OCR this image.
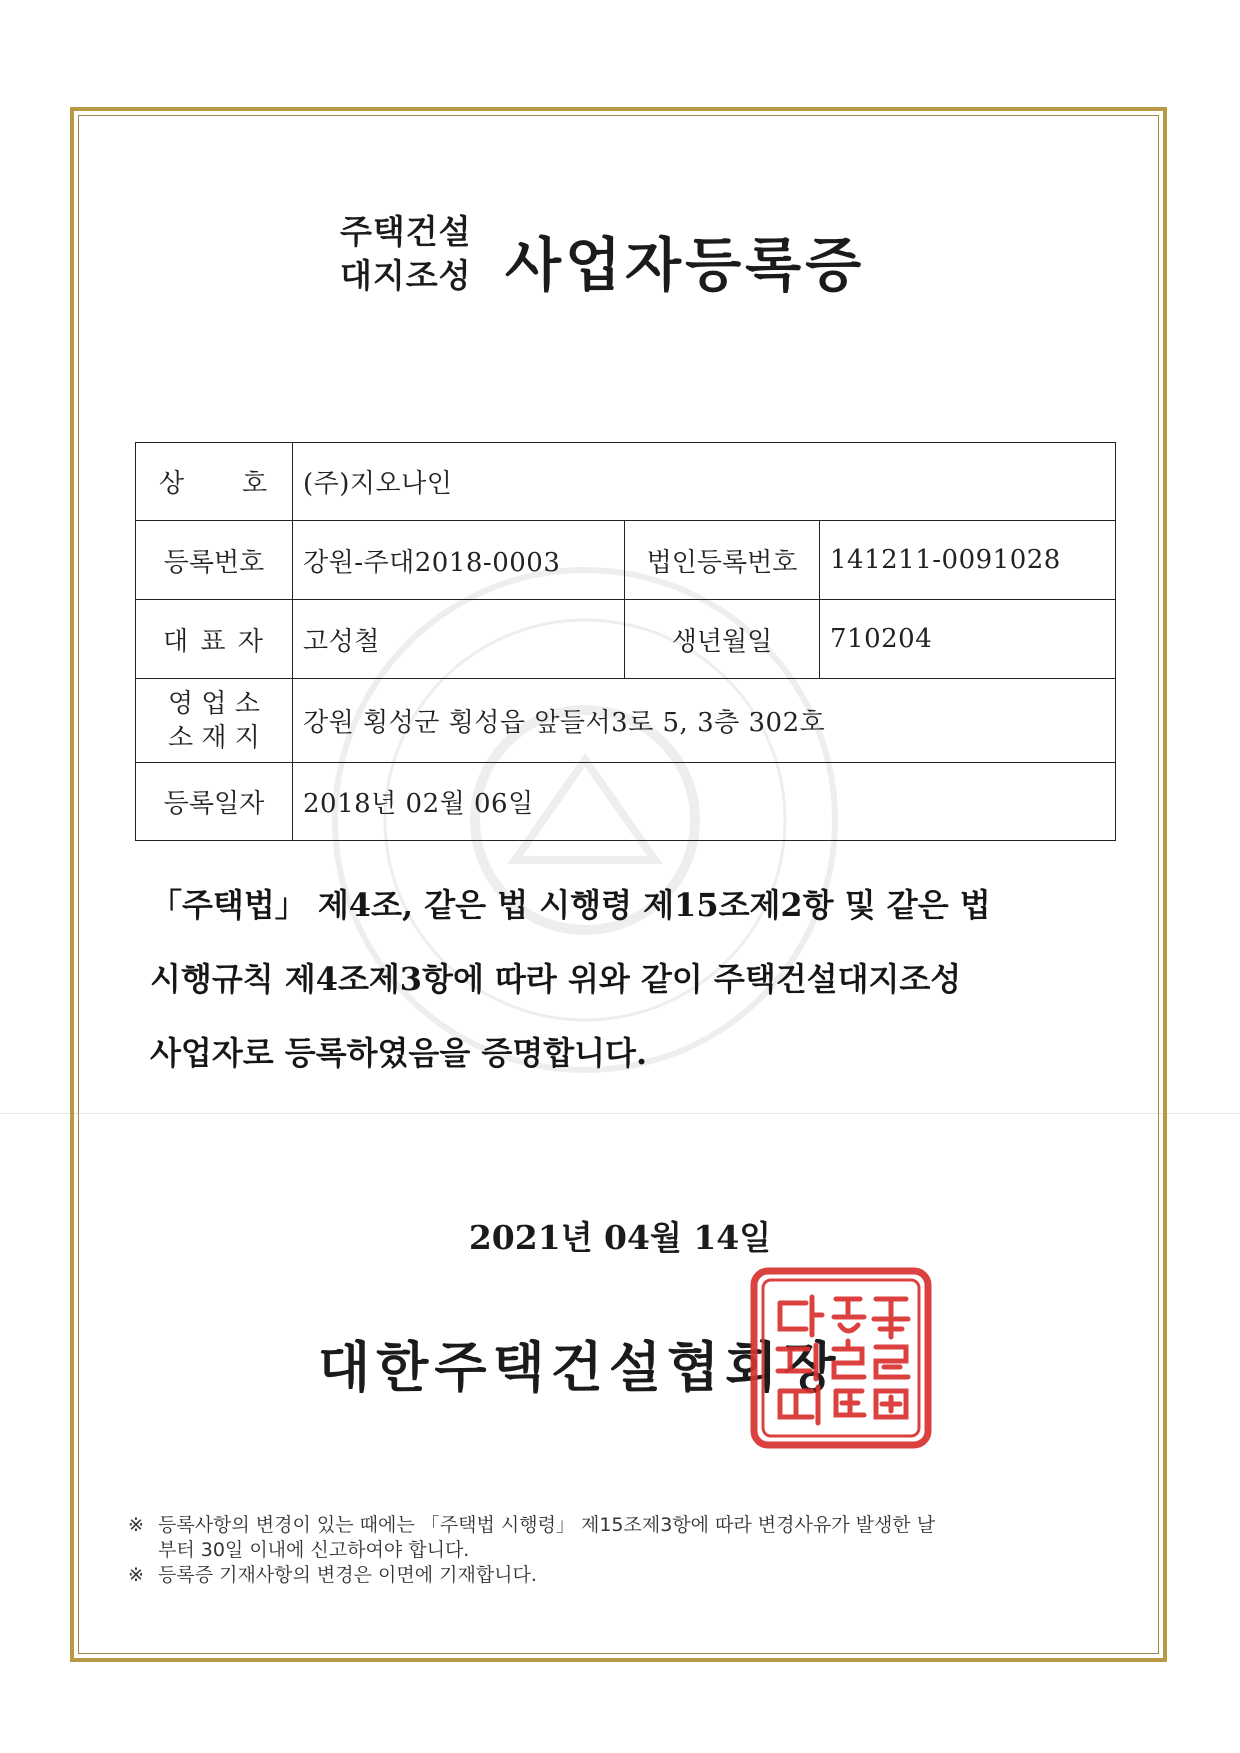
주택건설
대지조성 사업자등록증
상　　호	(주)지오나인		
등록번호	강원-주대2018-0003	법인등록번호	141211-0091028
대 표 자	고성철	생년월일	710204

영 업 소
소 재 지	강원 횡성군 횡성읍 앞들서3로 5, 3층 302호		
등록일자	2018년 02월 06일		
「주택법」 제4조, 같은 법 시행령 제15조제2항 및 같은 법
시행규칙 제4조제3항에 따라 위와 같이 주택건설대지조성
사업자로 등록하였음을 증명합니다.
2021년 04월 14일
대한주택건설협회장
※ 등록사항의 변경이 있는 때에는 「주택법 시행령」 제15조제3항에 따라 변경사유가 발생한 날
부터 30일 이내에 신고하여야 합니다.
※ 등록증 기재사항의 변경은 이면에 기재합니다.
